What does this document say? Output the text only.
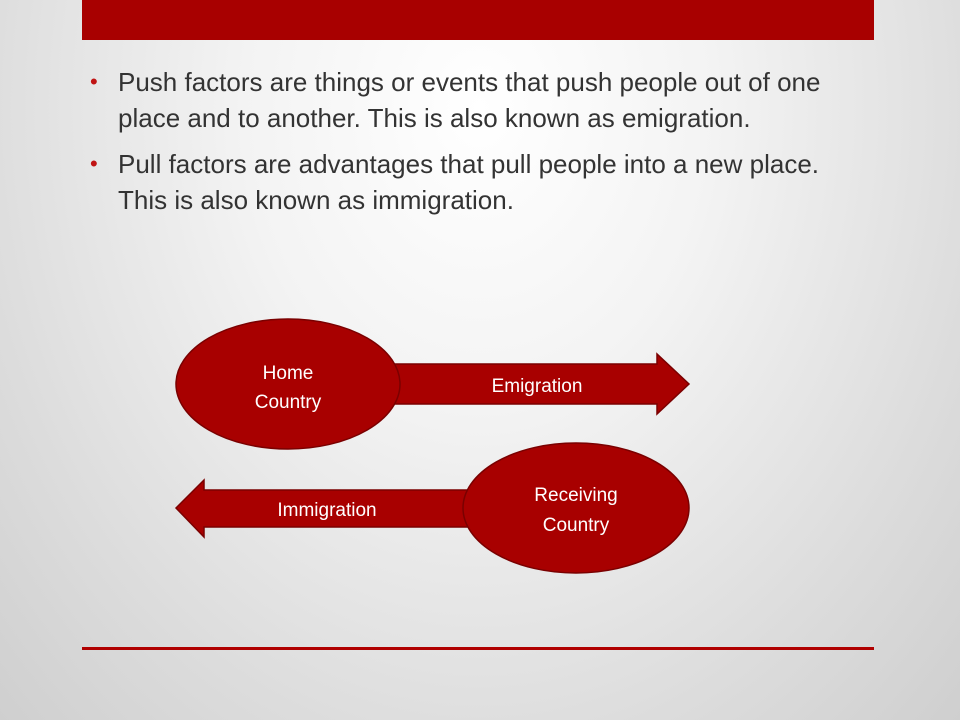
• Push factors are things or events that push people out of one place and to another. This is also known as emigration.
• Pull factors are advantages that pull people into a new place. This is also known as immigration.
Emigration
Home
Country
Immigration
Receiving
Country
